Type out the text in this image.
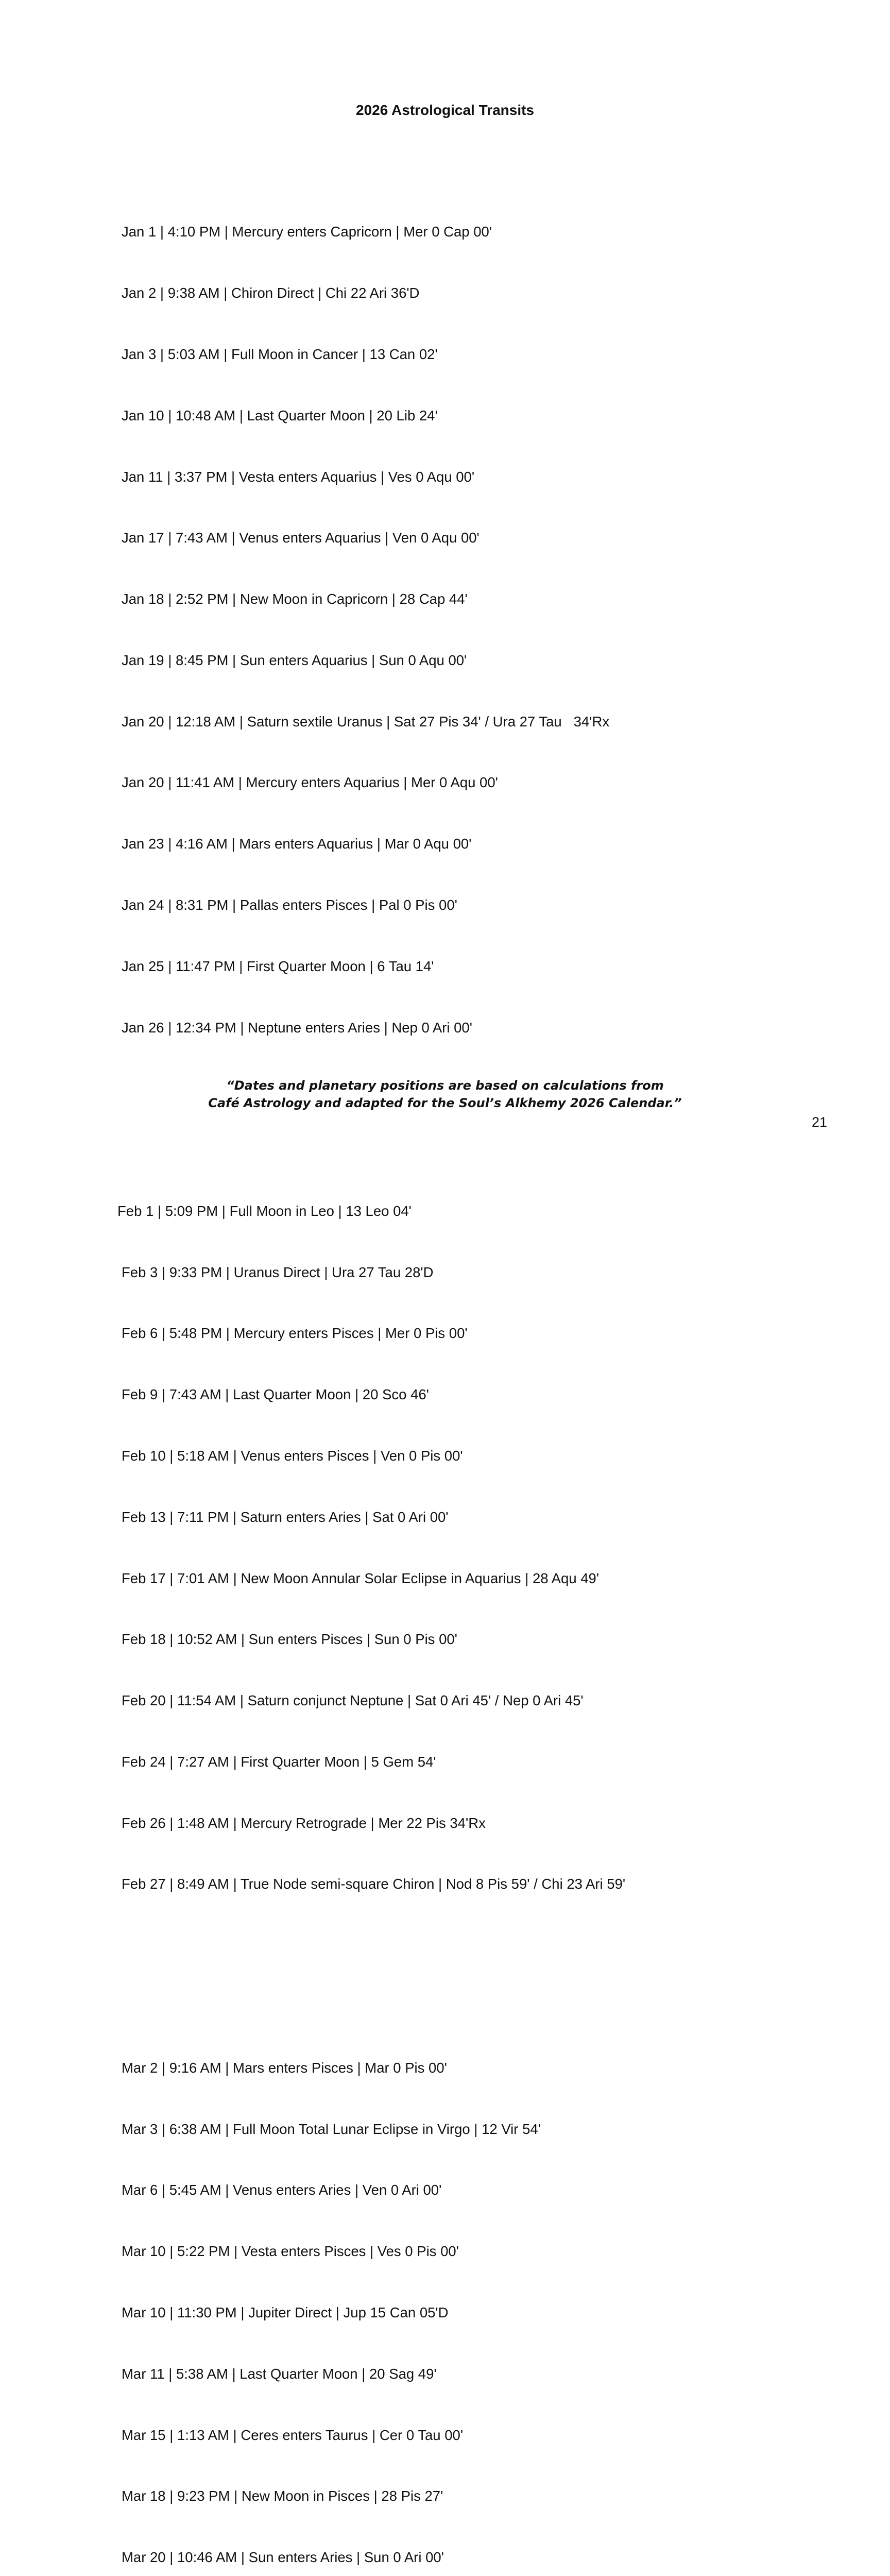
2026 Astrological Transits

Jan 1 | 4:10 PM | Mercury enters Capricorn | Mer 0 Cap 00'

Jan 2 | 9:38 AM | Chiron Direct | Chi 22 Ari 36'D

Jan 3 | 5:03 AM | Full Moon in Cancer | 13 Can 02'

Jan 10 | 10:48 AM | Last Quarter Moon | 20 Lib 24'

Jan 11 | 3:37 PM | Vesta enters Aquarius | Ves 0 Aqu 00'

Jan 17 | 7:43 AM | Venus enters Aquarius | Ven 0 Aqu 00'

Jan 18 | 2:52 PM | New Moon in Capricorn | 28 Cap 44'

Jan 19 | 8:45 PM | Sun enters Aquarius | Sun 0 Aqu 00'

Jan 20 | 12:18 AM | Saturn sextile Uranus | Sat 27 Pis 34' / Ura 27 Tau   34'Rx

Jan 20 | 11:41 AM | Mercury enters Aquarius | Mer 0 Aqu 00'

Jan 23 | 4:16 AM | Mars enters Aquarius | Mar 0 Aqu 00'

Jan 24 | 8:31 PM | Pallas enters Pisces | Pal 0 Pis 00'

Jan 25 | 11:47 PM | First Quarter Moon | 6 Tau 14'

Jan 26 | 12:34 PM | Neptune enters Aries | Nep 0 Ari 00'

Feb 1 | 5:09 PM | Full Moon in Leo | 13 Leo 04'

Feb 3 | 9:33 PM | Uranus Direct | Ura 27 Tau 28'D

Feb 6 | 5:48 PM | Mercury enters Pisces | Mer 0 Pis 00'

Feb 9 | 7:43 AM | Last Quarter Moon | 20 Sco 46'

Feb 10 | 5:18 AM | Venus enters Pisces | Ven 0 Pis 00'

Feb 13 | 7:11 PM | Saturn enters Aries | Sat 0 Ari 00'

Feb 17 | 7:01 AM | New Moon Annular Solar Eclipse in Aquarius | 28 Aqu 49'

Feb 18 | 10:52 AM | Sun enters Pisces | Sun 0 Pis 00'

Feb 20 | 11:54 AM | Saturn conjunct Neptune | Sat 0 Ari 45' / Nep 0 Ari 45'

Feb 24 | 7:27 AM | First Quarter Moon | 5 Gem 54'

Feb 26 | 1:48 AM | Mercury Retrograde | Mer 22 Pis 34'Rx

Feb 27 | 8:49 AM | True Node semi-square Chiron | Nod 8 Pis 59' / Chi 23 Ari 59'

Mar 2 | 9:16 AM | Mars enters Pisces | Mar 0 Pis 00'

Mar 3 | 6:38 AM | Full Moon Total Lunar Eclipse in Virgo | 12 Vir 54'

Mar 6 | 5:45 AM | Venus enters Aries | Ven 0 Ari 00'

Mar 10 | 5:22 PM | Vesta enters Pisces | Ves 0 Pis 00'

Mar 10 | 11:30 PM | Jupiter Direct | Jup 15 Can 05'D

Mar 11 | 5:38 AM | Last Quarter Moon | 20 Sag 49'

Mar 15 | 1:13 AM | Ceres enters Taurus | Cer 0 Tau 00'

Mar 18 | 9:23 PM | New Moon in Pisces | 28 Pis 27'

Mar 20 | 10:46 AM | Sun enters Aries | Sun 0 Ari 00'

“Dates and planetary positions are based on calculations from
Café Astrology and adapted for the Soul’s Alkhemy 2026 Calendar.”
21
